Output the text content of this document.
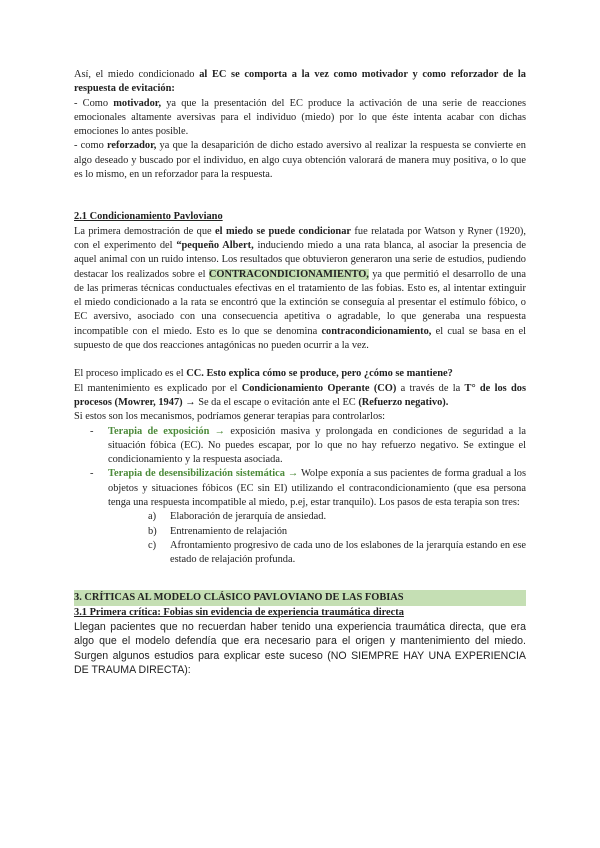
Así, el miedo condicionado al EC se comporta a la vez como motivador y como reforzador de la respuesta de evitación:

- Como motivador, ya que la presentación del EC produce la activación de una serie de reacciones emocionales altamente aversivas para el individuo (miedo) por lo que éste intenta acabar con dichas emociones lo antes posible.

- como reforzador, ya que la desaparición de dicho estado aversivo al realizar la respuesta se convierte en algo deseado y buscado por el individuo, en algo cuya obtención valorará de manera muy positiva, o lo que es lo mismo, en un reforzador para la respuesta.

2.1 Condicionamiento Pavloviano

La primera demostración de que el miedo se puede condicionar fue relatada por Watson y Ryner (1920), con el experimento del “pequeño Albert, induciendo miedo a una rata blanca, al asociar la presencia de aquel animal con un ruido intenso. Los resultados que obtuvieron generaron una serie de estudios, pudiendo destacar los realizados sobre el CONTRACONDICIONAMIENTO, ya que permitió el desarrollo de una de las primeras técnicas conductuales efectivas en el tratamiento de las fobias. Esto es, al intentar extinguir el miedo condicionado a la rata se encontró que la extinción se conseguía al presentar el estímulo fóbico, o EC aversivo, asociado con una consecuencia apetitiva o agradable, lo que generaba una respuesta incompatible con el miedo. Esto es lo que se denomina contracondicionamiento, el cual se basa en el supuesto de que dos reacciones antagónicas no pueden ocurrir a la vez.

El proceso implicado es el CC. Esto explica cómo se produce, pero ¿cómo se mantiene?

El mantenimiento es explicado por el Condicionamiento Operante (CO) a través de la T° de los dos procesos (Mowrer, 1947) → Se da el escape o evitación ante el EC (Refuerzo negativo).

Si estos son los mecanismos, podríamos generar terapias para controlarlos:

- Terapia de exposición → exposición masiva y prolongada en condiciones de seguridad a la situación fóbica (EC). No puedes escapar, por lo que no hay refuerzo negativo. Se extingue el condicionamiento y la respuesta asociada.
- Terapia de desensibilización sistemática → Wolpe exponía a sus pacientes de forma gradual a los objetos y situaciones fóbicos (EC sin EI) utilizando el contracondicionamiento (que esa persona tenga una respuesta incompatible al miedo, p.ej, estar tranquilo). Los pasos de esta terapia son tres:
a) Elaboración de jerarquía de ansiedad.
b) Entrenamiento de relajación
c) Afrontamiento progresivo de cada uno de los eslabones de la jerarquía estando en ese estado de relajación profunda.
3. CRÍTICAS AL MODELO CLÁSICO PAVLOVIANO DE LAS FOBIAS

3.1 Primera crítica: Fobias sin evidencia de experiencia traumática directa

Llegan pacientes que no recuerdan haber tenido una experiencia traumática directa, que era algo que el modelo defendía que era necesario para el origen y mantenimiento del miedo. Surgen algunos estudios para explicar este suceso (NO SIEMPRE HAY UNA EXPERIENCIA DE TRAUMA DIRECTA):
